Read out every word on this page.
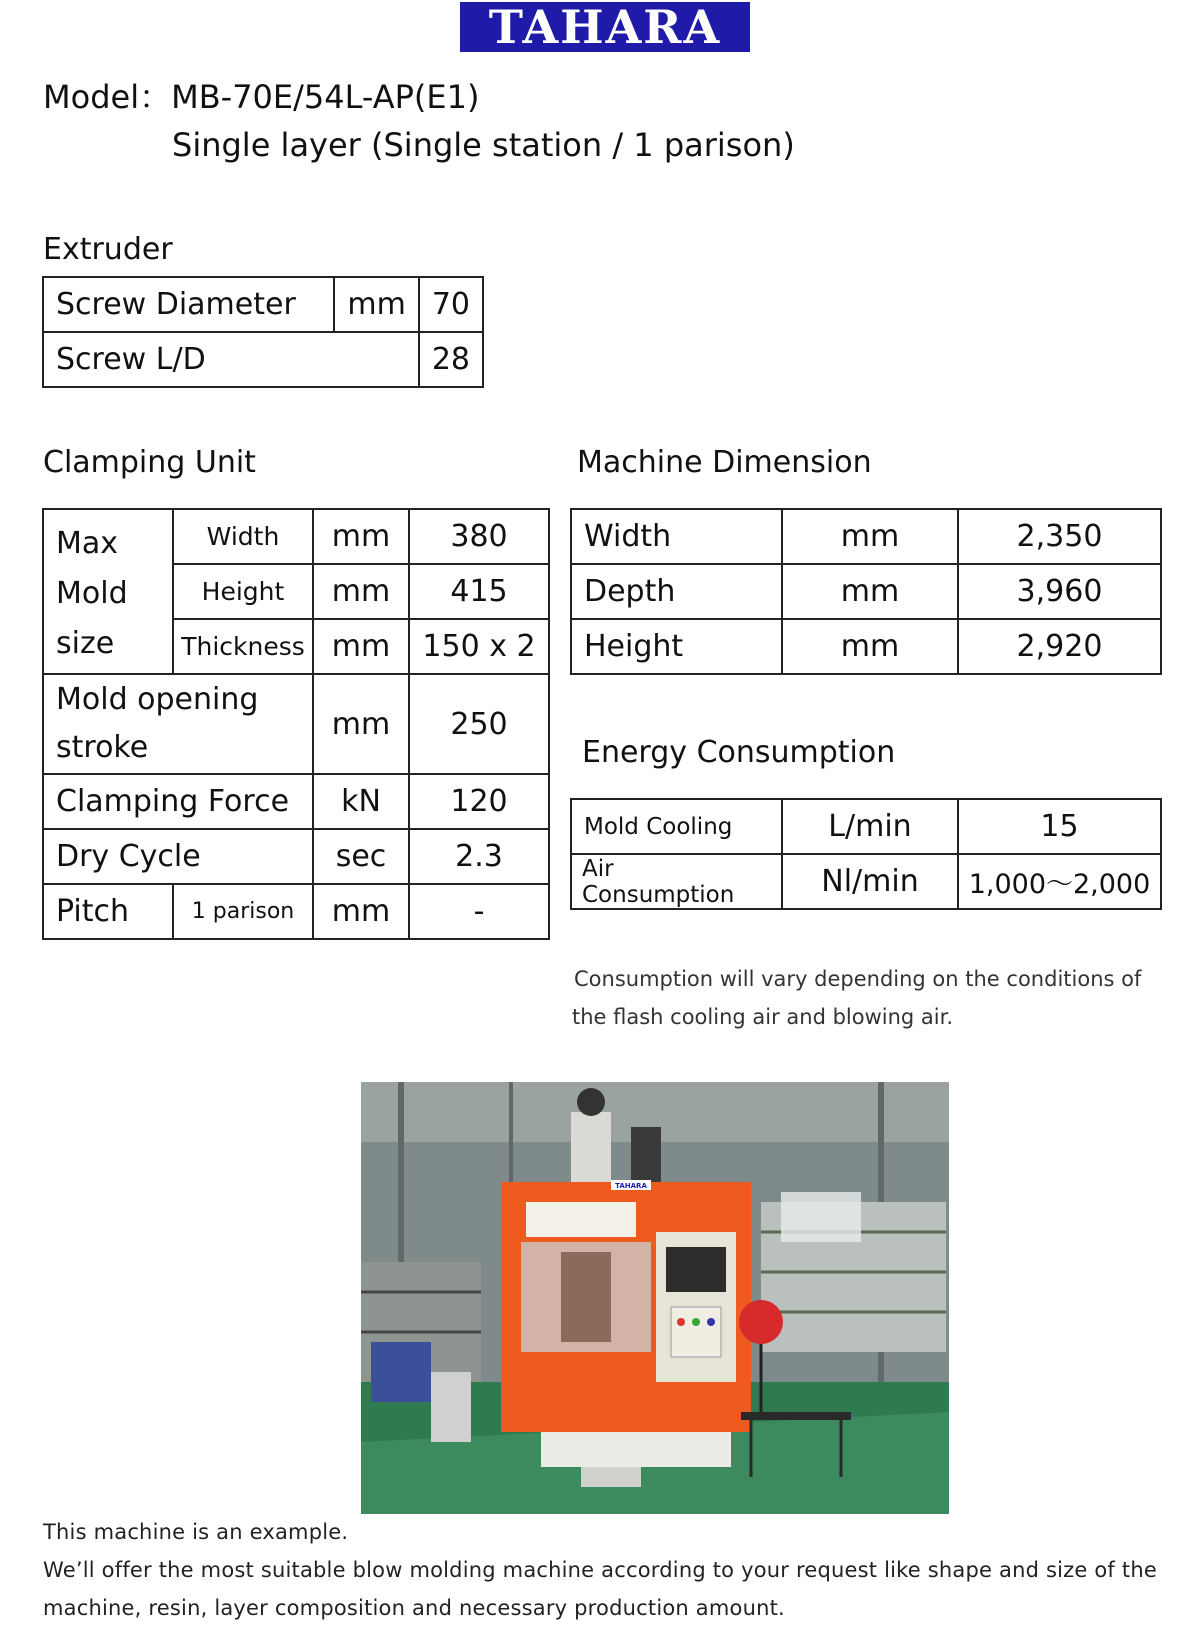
TAHARA
Model：MB-70E/54L-AP(E1)
Single layer (Single station / 1 parison)
Extruder
Screw Diameter	mm	70
Screw L/D		28
Clamping Unit
Max
Mold
size	Width	mm	380
	Height	mm	415
	Thickness	mm	150 x 2

Mold opening
stroke		mm	250
Clamping Force		kN	120
Dry Cycle		sec	2.3
Pitch	1 parison	mm	-
Machine Dimension
Width	mm	2,350
Depth	mm	3,960
Height	mm	2,920
Energy Consumption
Mold Cooling	L/min	15
Air Consumption	Nl/min	1,000～2,000
Consumption will vary depending on the conditions of
the flash cooling air and blowing air.
TAHARA
This machine is an example.
We’ll offer the most suitable blow molding machine according to your request like shape and size of the
machine, resin, layer composition and necessary production amount.
